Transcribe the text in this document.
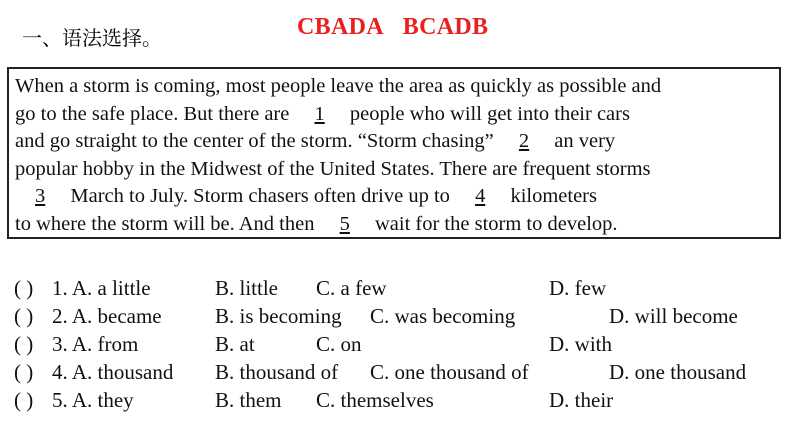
一、语法选择。	CBADA BCADB
When a storm is coming, most people leave the area as quickly as possible and
go to the safe place. But there are 1 people who will get into their cars
and go straight to the center of the storm. “Storm chasing” 2 an very
popular hobby in the Midwest of the United States. There are frequent storms
3 March to July. Storm chasers often drive up to 4 kilometers
to where the storm will be. And then 5 wait for the storm to develop.
( ) 1. A. a little	B. little C. a few	D. few
( ) 2. A. became	B. is becoming C. was becoming	D. will become
( ) 3. A. from	B. at	C. on	D. with
( ) 4. A. thousand B. thousand of C. one thousand of	D. one thousand
( ) 5. A. they	B. them C. themselves	D. their
